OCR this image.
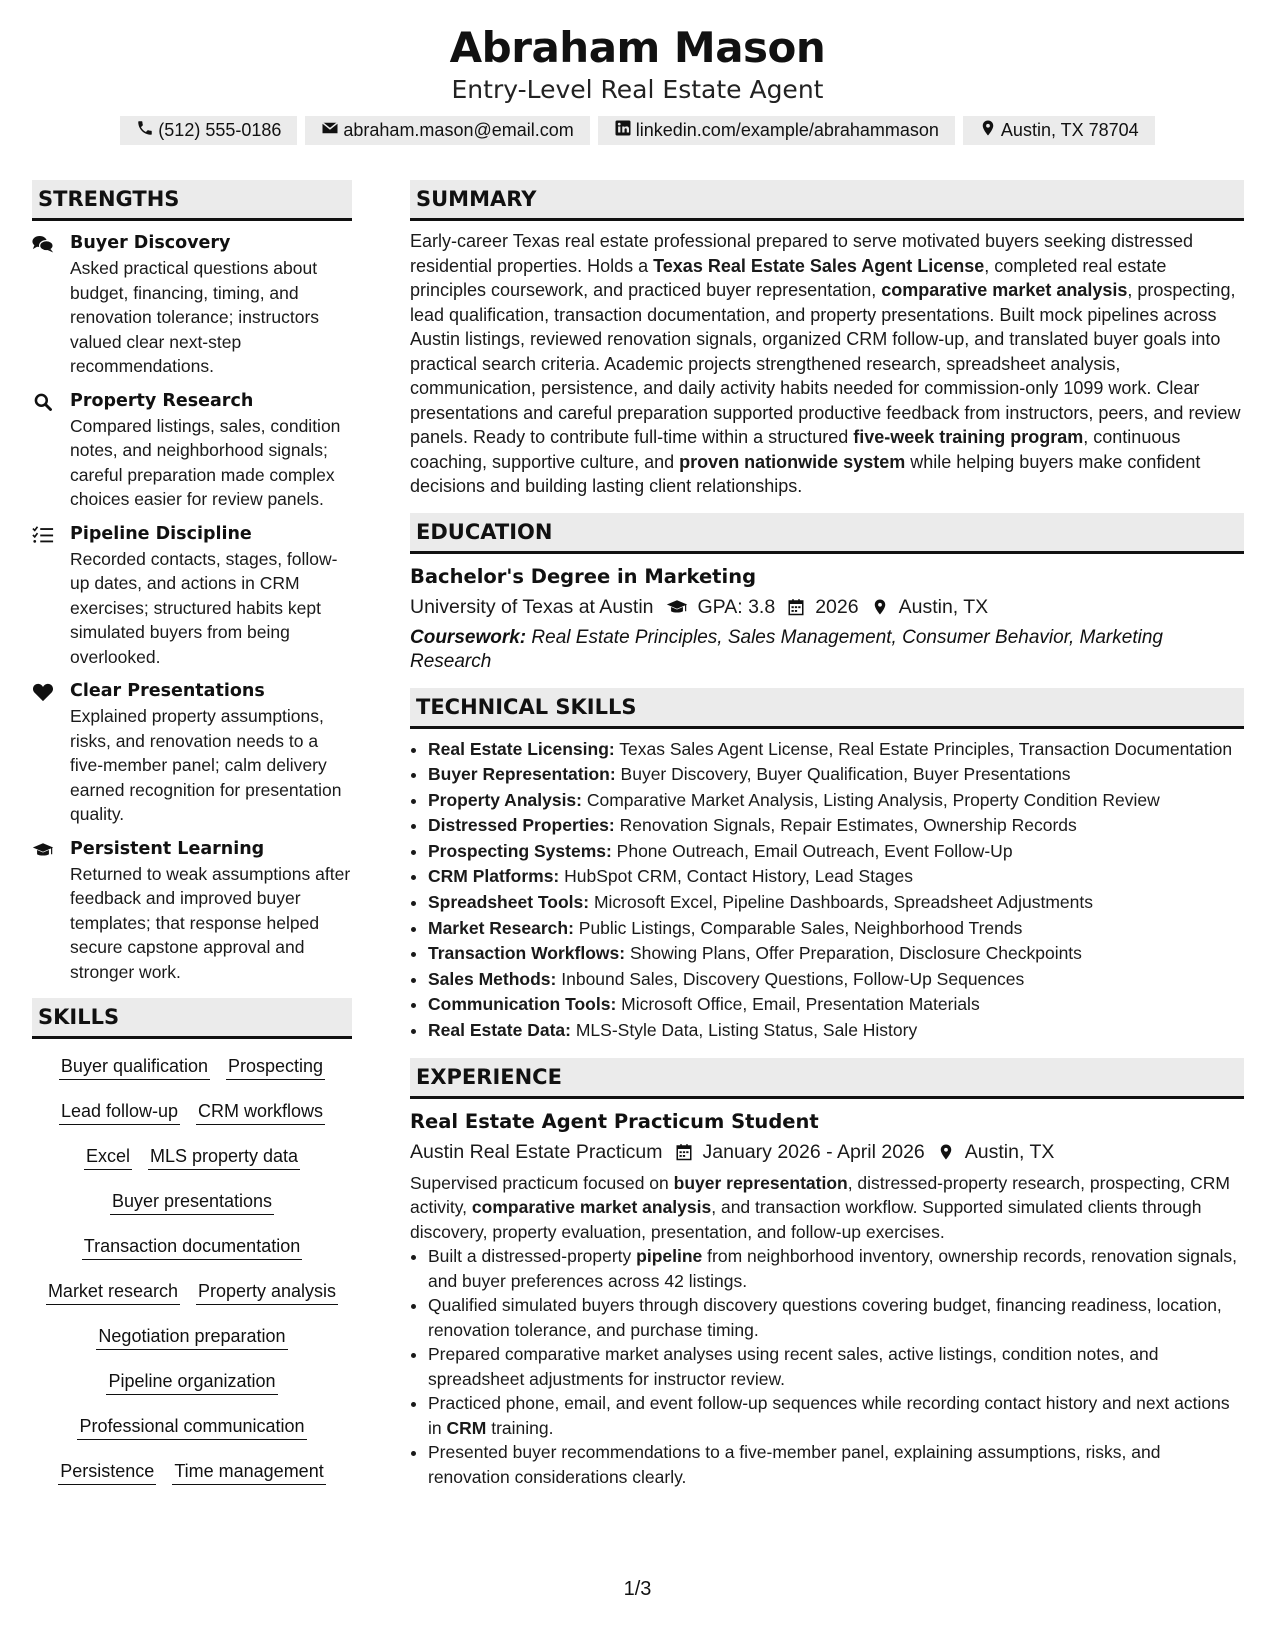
Abraham Mason
Entry-Level Real Estate Agent
(512) 555-0186	abraham.mason@email.com	linkedin.com/example/abrahammason	Austin, TX 78704
STRENGTHS
Buyer Discovery
Asked practical questions about budget, financing, timing, and renovation tolerance; instructors valued clear next-step recommendations.
Property Research
Compared listings, sales, condition notes, and neighborhood signals; careful preparation made complex choices easier for review panels.
Pipeline Discipline
Recorded contacts, stages, follow-up dates, and actions in CRM exercises; structured habits kept simulated buyers from being overlooked.
Clear Presentations
Explained property assumptions, risks, and renovation needs to a five-member panel; calm delivery earned recognition for presentation quality.
Persistent Learning
Returned to weak assumptions after feedback and improved buyer templates; that response helped secure capstone approval and stronger work.
SKILLS
Buyer qualification Prospecting
Lead follow-up CRM workflows
Excel MLS property data
Buyer presentations
Transaction documentation
Market research Property analysis
Negotiation preparation
Pipeline organization
Professional communication
Persistence Time management
SUMMARY

Early-career Texas real estate professional prepared to serve motivated buyers seeking distressed residential properties. Holds a Texas Real Estate Sales Agent License, completed real estate principles coursework, and practiced buyer representation, comparative market analysis, prospecting, lead qualification, transaction documentation, and property presentations. Built mock pipelines across Austin listings, reviewed renovation signals, organized CRM follow-up, and translated buyer goals into practical search criteria. Academic projects strengthened research, spreadsheet analysis, communication, persistence, and daily activity habits needed for commission-only 1099 work. Clear presentations and careful preparation supported productive feedback from instructors, peers, and review panels. Ready to contribute full-time within a structured five-week training program, continuous coaching, supportive culture, and proven nationwide system while helping buyers make confident decisions and building lasting client relationships.

EDUCATION
Bachelor's Degree in Marketing
University of Texas at Austin GPA: 3.8 2026 Austin, TX
Coursework: Real Estate Principles, Sales Management, Consumer Behavior, Marketing Research
TECHNICAL SKILLS
• Real Estate Licensing: Texas Sales Agent License, Real Estate Principles, Transaction Documentation
• Buyer Representation: Buyer Discovery, Buyer Qualification, Buyer Presentations
• Property Analysis: Comparative Market Analysis, Listing Analysis, Property Condition Review
• Distressed Properties: Renovation Signals, Repair Estimates, Ownership Records
• Prospecting Systems: Phone Outreach, Email Outreach, Event Follow-Up
• CRM Platforms: HubSpot CRM, Contact History, Lead Stages
• Spreadsheet Tools: Microsoft Excel, Pipeline Dashboards, Spreadsheet Adjustments
• Market Research: Public Listings, Comparable Sales, Neighborhood Trends
• Transaction Workflows: Showing Plans, Offer Preparation, Disclosure Checkpoints
• Sales Methods: Inbound Sales, Discovery Questions, Follow-Up Sequences
• Communication Tools: Microsoft Office, Email, Presentation Materials
• Real Estate Data: MLS-Style Data, Listing Status, Sale History
EXPERIENCE
Real Estate Agent Practicum Student
Austin Real Estate Practicum January 2026 - April 2026 Austin, TX
Supervised practicum focused on buyer representation, distressed-property research, prospecting, CRM activity, comparative market analysis, and transaction workflow. Supported simulated clients through discovery, property evaluation, presentation, and follow-up exercises.
• Built a distressed-property pipeline from neighborhood inventory, ownership records, renovation signals, and buyer preferences across 42 listings.
• Qualified simulated buyers through discovery questions covering budget, financing readiness, location, renovation tolerance, and purchase timing.
• Prepared comparative market analyses using recent sales, active listings, condition notes, and spreadsheet adjustments for instructor review.
• Practiced phone, email, and event follow-up sequences while recording contact history and next actions in CRM training.
• Presented buyer recommendations to a five-member panel, explaining assumptions, risks, and renovation considerations clearly.
1/3
